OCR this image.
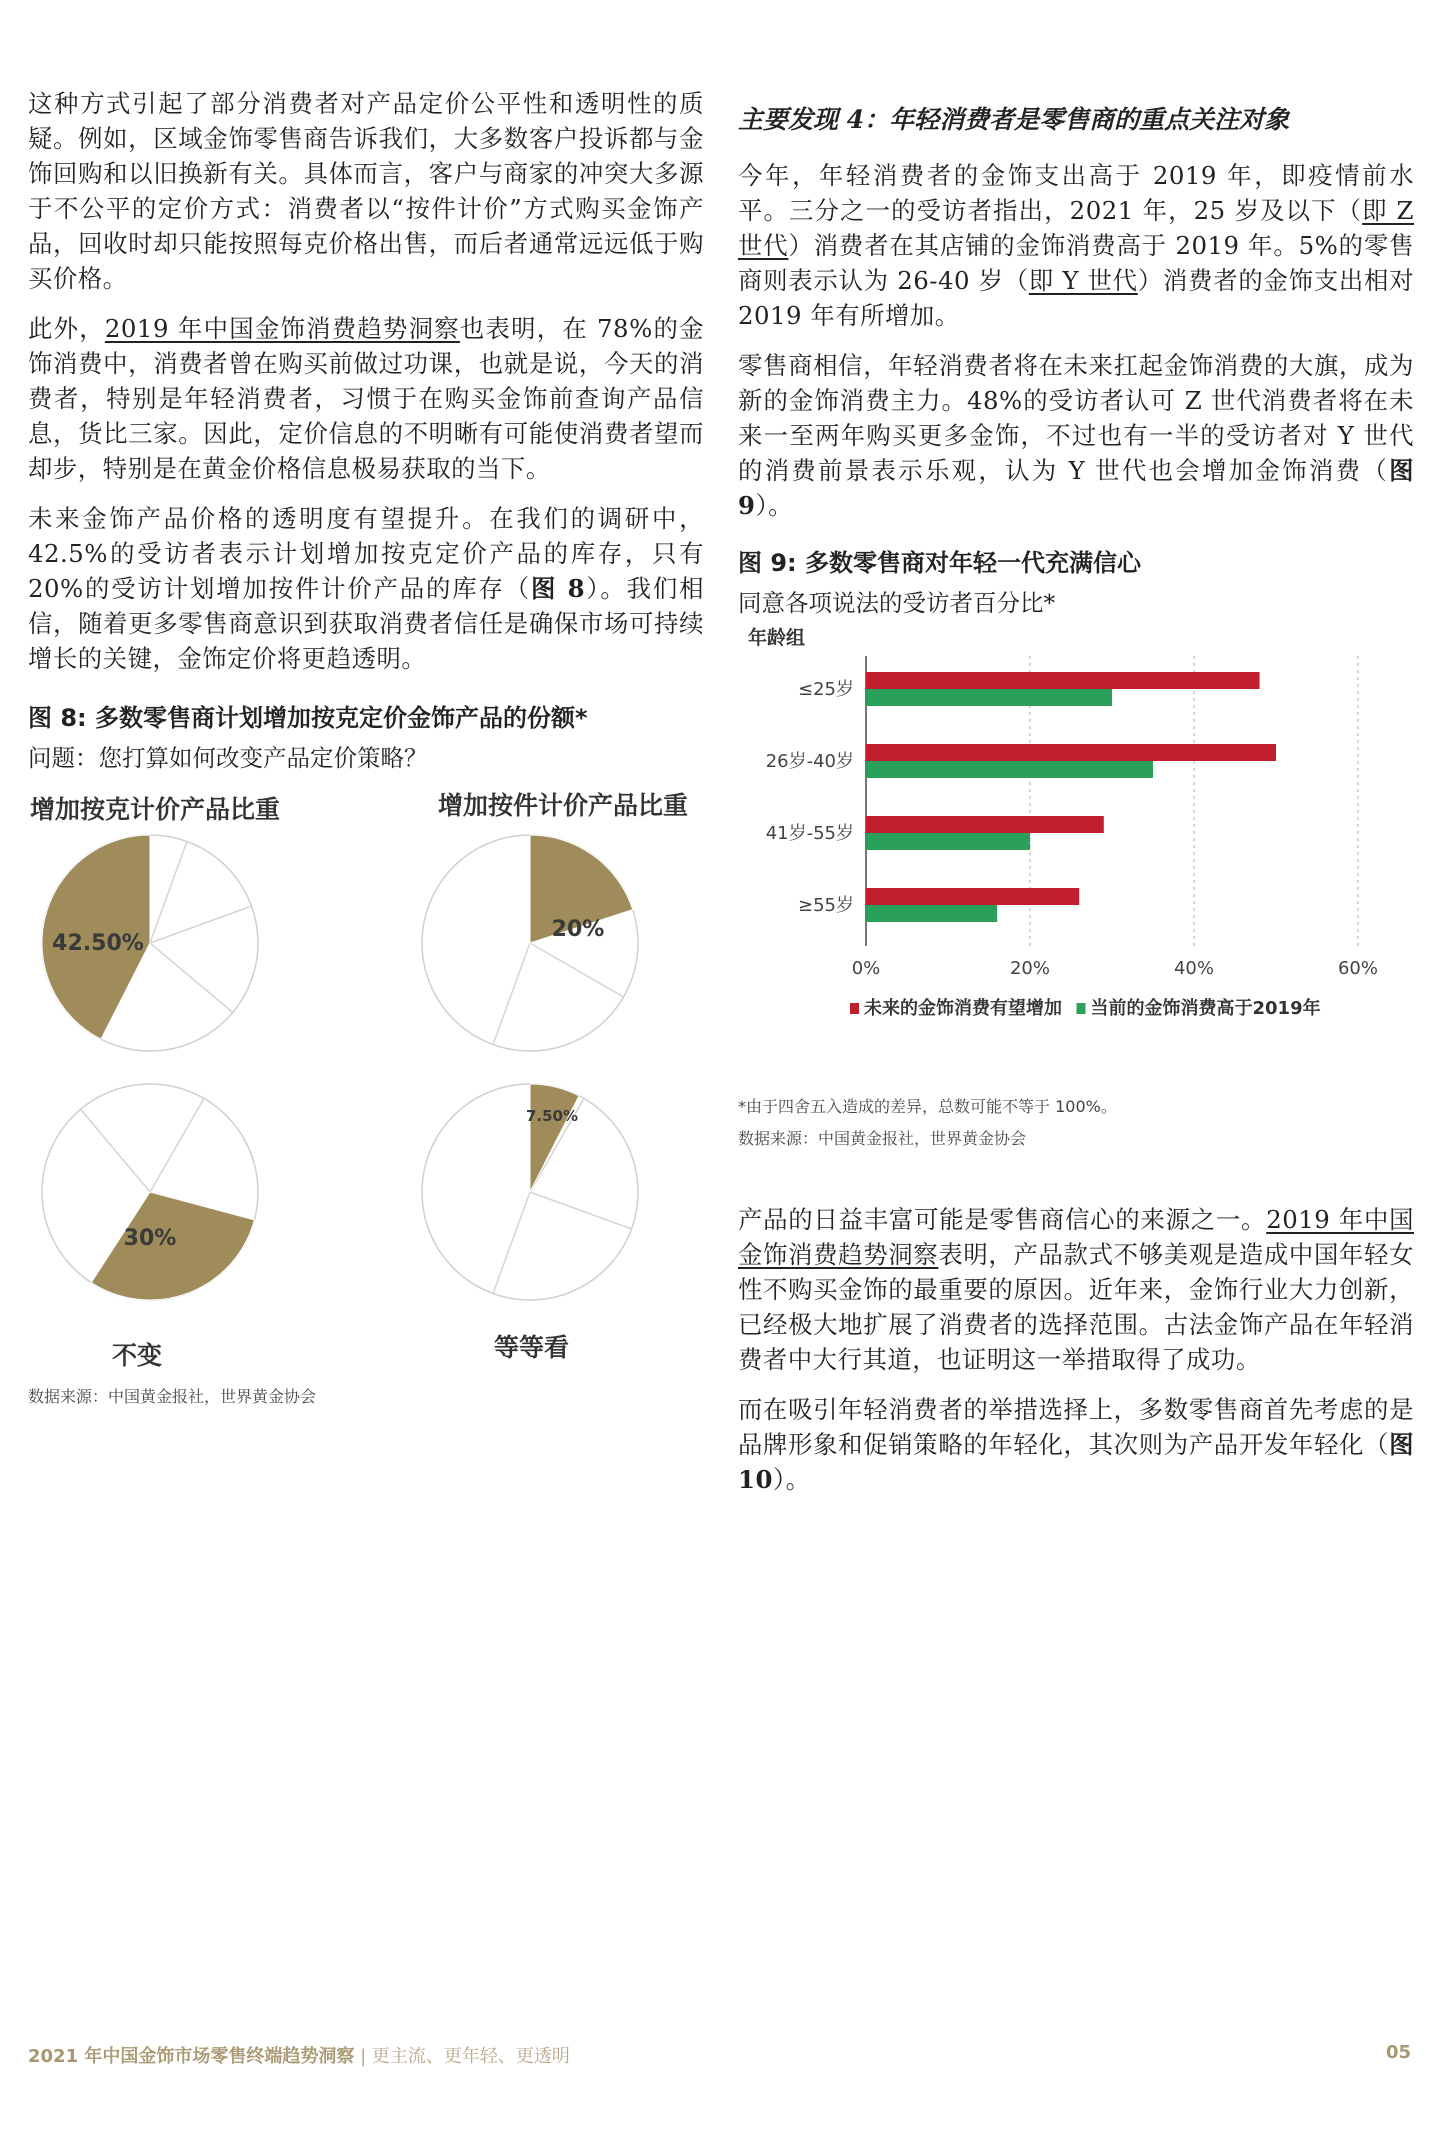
这种方式引起了部分消费者对产品定价公平性和透明性的质疑。例如，区域金饰零售商告诉我们，大多数客户投诉都与金饰回购和以旧换新有关。具体而言，客户与商家的冲突大多源于不公平的定价方式：消费者以“按件计价”方式购买金饰产品，回收时却只能按照每克价格出售，而后者通常远远低于购买价格。

此外，2019 年中国金饰消费趋势洞察也表明，在 78%的金饰消费中，消费者曾在购买前做过功课，也就是说，今天的消费者，特别是年轻消费者，习惯于在购买金饰前查询产品信息，货比三家。因此，定价信息的不明晰有可能使消费者望而却步，特别是在黄金价格信息极易获取的当下。

未来金饰产品价格的透明度有望提升。在我们的调研中，42.5%的受访者表示计划增加按克定价产品的库存，只有 20%的受访计划增加按件计价产品的库存（图 8）。我们相信，随着更多零售商意识到获取消费者信任是确保市场可持续增长的关键，金饰定价将更趋透明。

图 8: 多数零售商计划增加按克定价金饰产品的份额*

问题：您打算如何改变产品定价策略？

增加按克计价产品比重	增加按件计价产品比重
42.50%
20%
30%
7.50%
不变	等等看

数据来源：中国黄金报社，世界黄金协会

主要发现 4：年轻消费者是零售商的重点关注对象

今年，年轻消费者的金饰支出高于 2019 年，即疫情前水平。三分之一的受访者指出，2021 年，25 岁及以下（即 Z 世代）消费者在其店铺的金饰消费高于 2019 年。5%的零售商则表示认为 26-40 岁（即 Y 世代）消费者的金饰支出相对 2019 年有所增加。

零售商相信，年轻消费者将在未来扛起金饰消费的大旗，成为新的金饰消费主力。48%的受访者认可 Z 世代消费者将在未来一至两年购买更多金饰，不过也有一半的受访者对 Y 世代的消费前景表示乐观，认为 Y 世代也会增加金饰消费（图 9）。

图 9: 多数零售商对年轻一代充满信心

同意各项说法的受访者百分比*

年龄组
≤25岁
26岁-40岁
41岁-55岁
≥55岁
0%	20%	40%	60%
未来的金饰消费有望增加 当前的金饰消费高于2019年

*由于四舍五入造成的差异，总数可能不等于 100%。

数据来源：中国黄金报社，世界黄金协会

产品的日益丰富可能是零售商信心的来源之一。2019 年中国金饰消费趋势洞察表明，产品款式不够美观是造成中国年轻女性不购买金饰的最重要的原因。近年来，金饰行业大力创新，已经极大地扩展了消费者的选择范围。古法金饰产品在年轻消费者中大行其道，也证明这一举措取得了成功。

而在吸引年轻消费者的举措选择上，多数零售商首先考虑的是品牌形象和促销策略的年轻化，其次则为产品开发年轻化（图 10）。

2021 年中国金饰市场零售终端趋势洞察 | 更主流、更年轻、更透明	05
